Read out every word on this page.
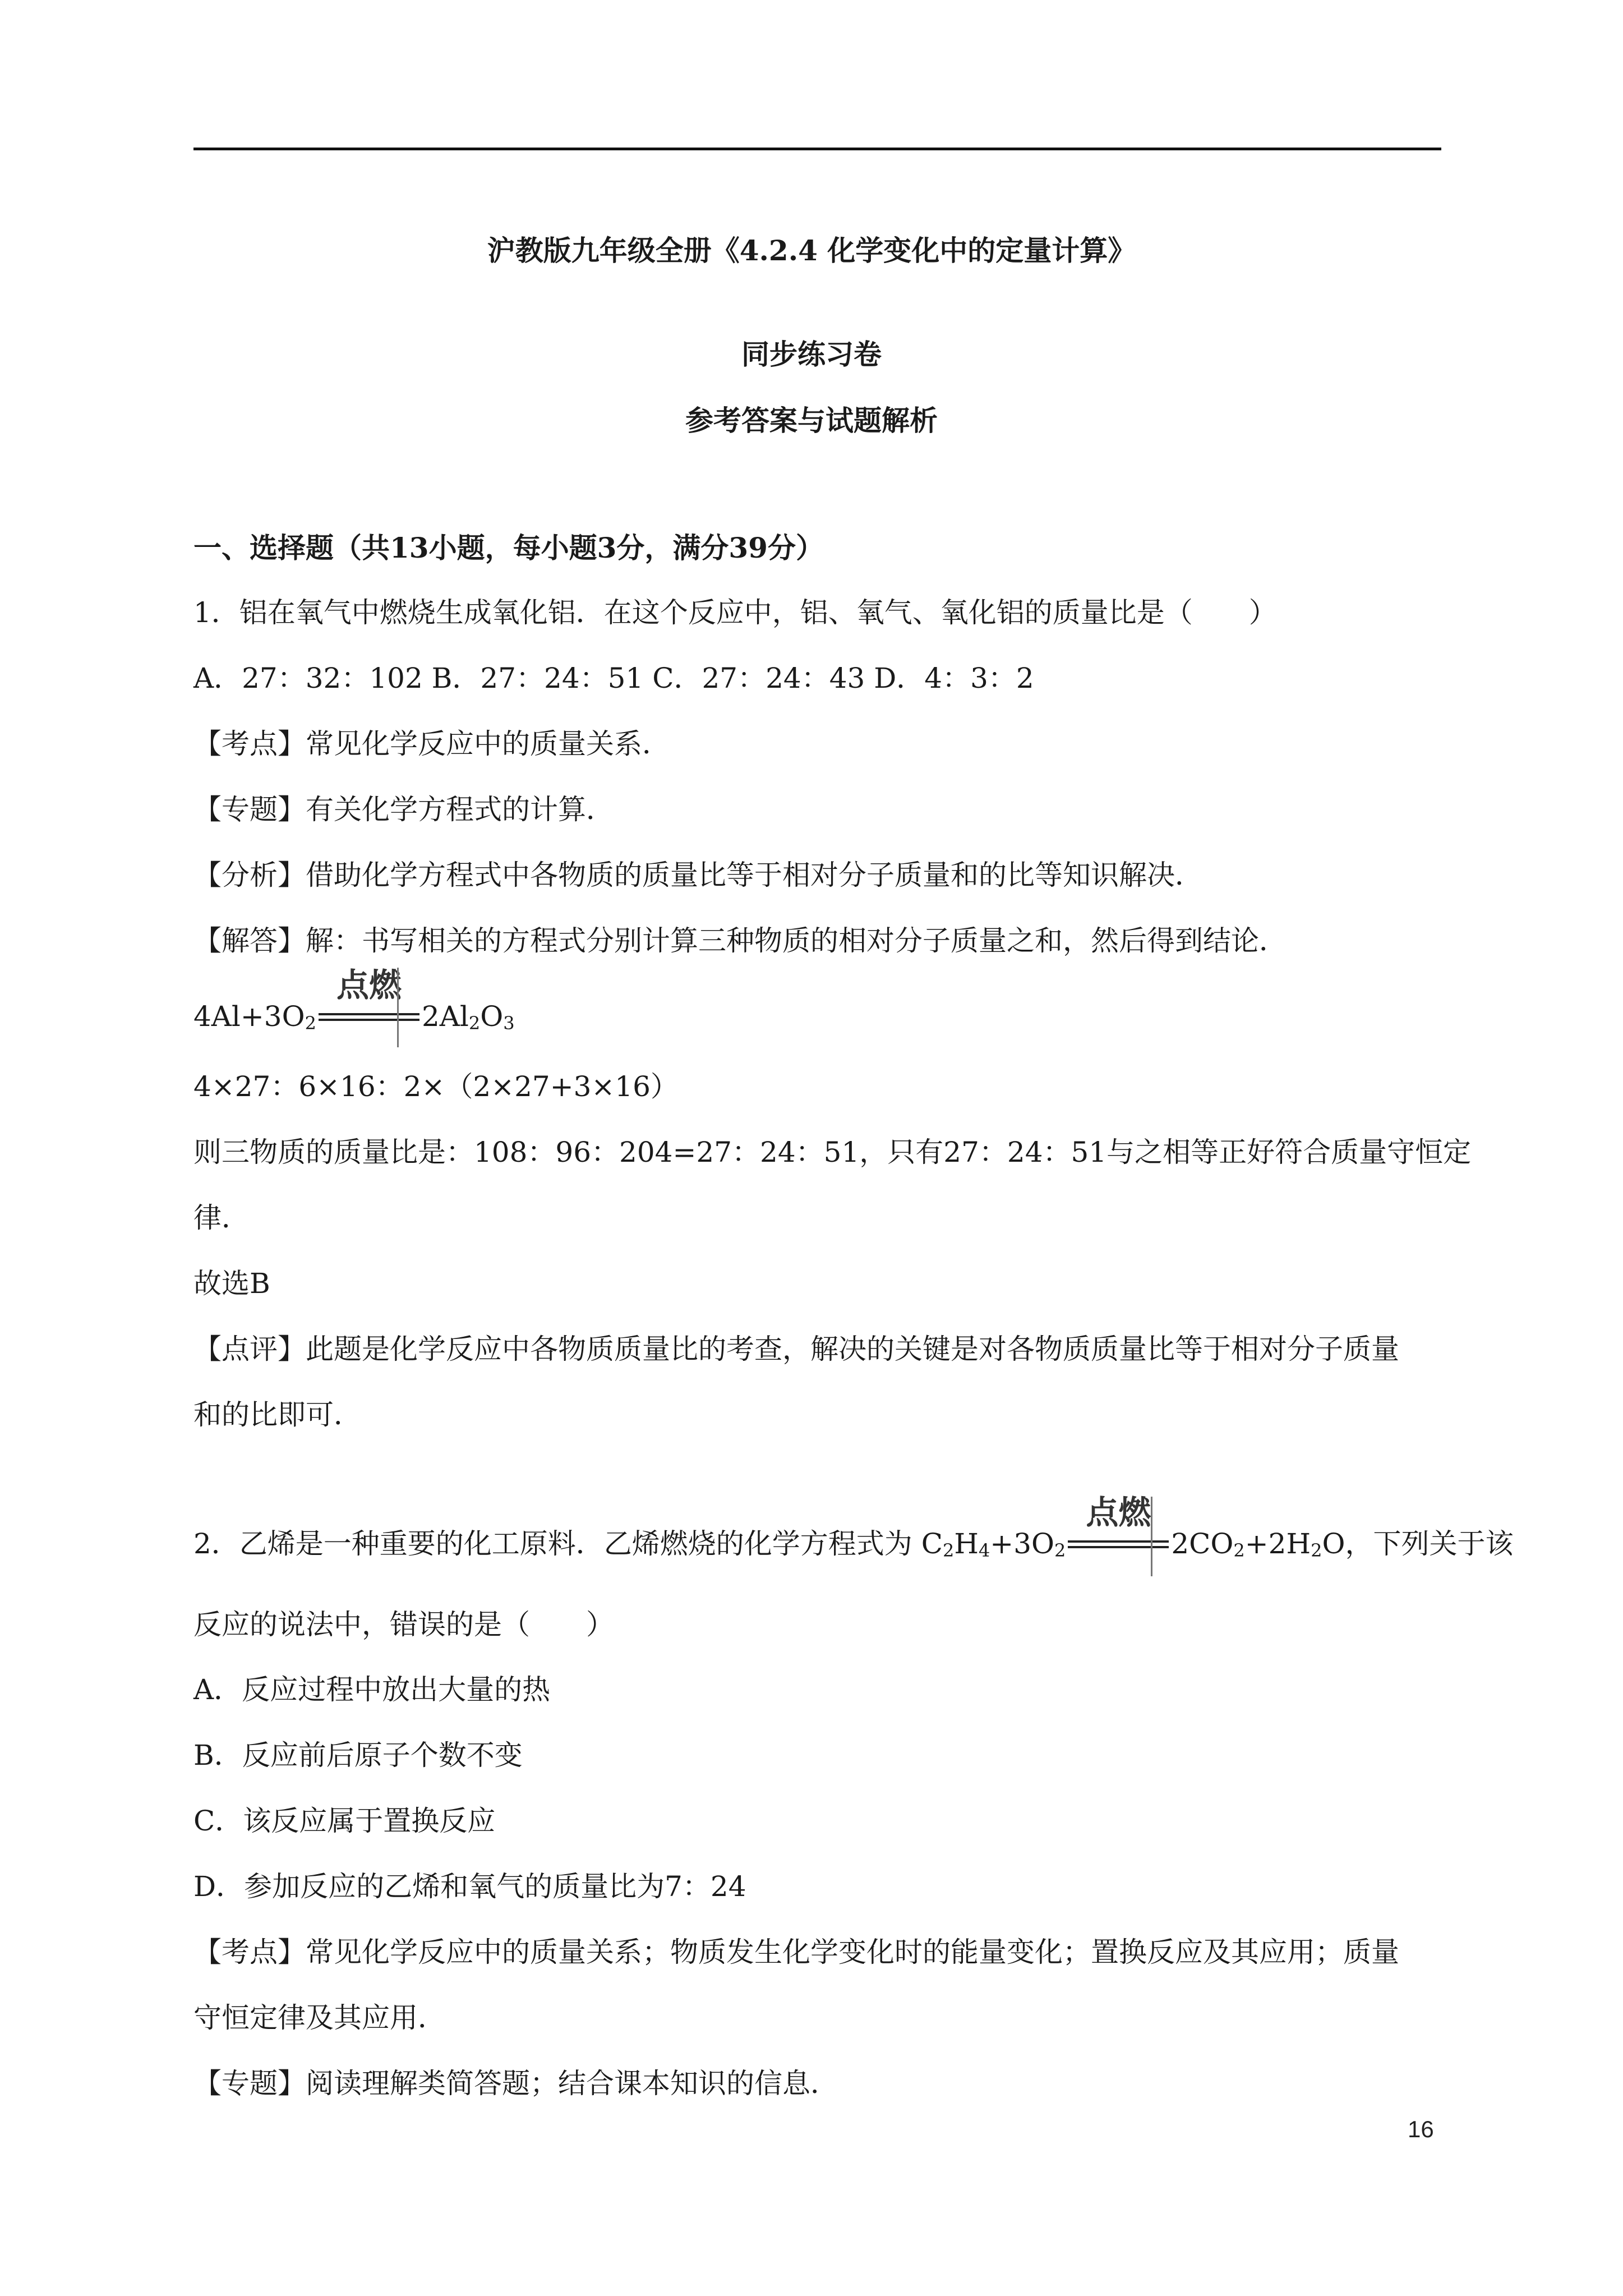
沪教版九年级全册《4.2.4 化学变化中的定量计算》
同步练习卷
参考答案与试题解析
一、选择题（共13小题，每小题3分，满分39分）
1．铝在氧气中燃烧生成氧化铝．在这个反应中，铝、氧气、氧化铝的质量比是（　　）
A．27：32：102 B．27：24：51 C．27：24：43 D．4：3：2
【考点】常见化学反应中的质量关系．
【专题】有关化学方程式的计算．
【分析】借助化学方程式中各物质的质量比等于相对分子质量和的比等知识解决．
【解答】解：书写相关的方程式分别计算三种物质的相对分子质量之和，然后得到结论．
$4Al+3O_2$
点燃
$2Al_2O_3$
4×27：6×16：2×（2×27+3×16）
则三物质的质量比是：108：96：204=27：24：51，只有27：24：51与之相等正好符合质量守恒定
律．
故选B
【点评】此题是化学反应中各物质质量比的考查，解决的关键是对各物质质量比等于相对分子质量
和的比即可．
2．乙烯是一种重要的化工原料．乙烯燃烧的化学方程式为 $C_2H_4+3O_2$
点燃
$2CO_2+2H_2O$，下列关于该
反应的说法中，错误的是（　　）
A．反应过程中放出大量的热
B．反应前后原子个数不变
C．该反应属于置换反应
D．参加反应的乙烯和氧气的质量比为7：24
【考点】常见化学反应中的质量关系；物质发生化学变化时的能量变化；置换反应及其应用；质量
守恒定律及其应用．
【专题】阅读理解类简答题；结合课本知识的信息．
16
